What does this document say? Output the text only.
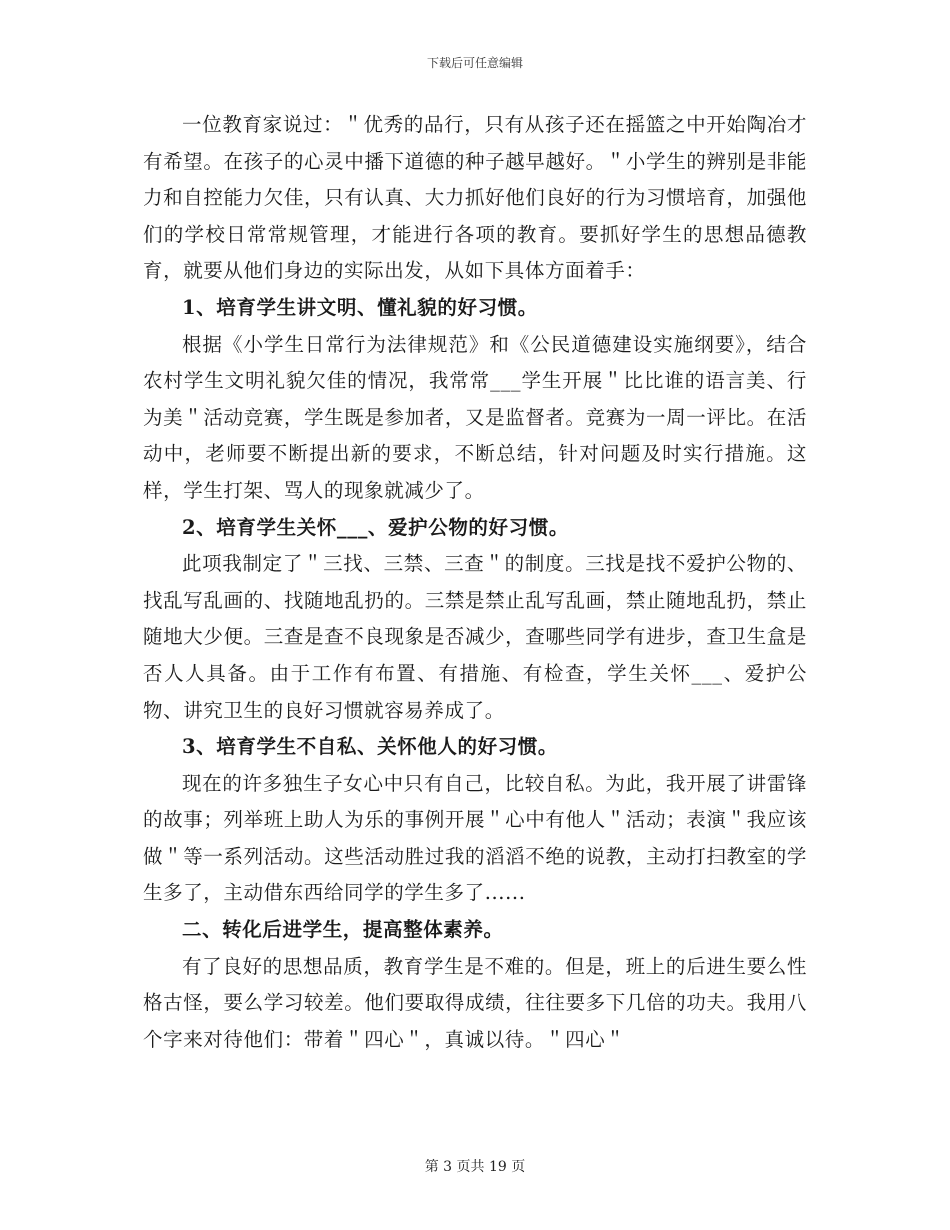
下载后可任意编辑

一位教育家说过：＂优秀的品行，只有从孩子还在摇篮之中开始陶冶才有希望。在孩子的心灵中播下道德的种子越早越好。＂小学生的辨别是非能力和自控能力欠佳，只有认真、大力抓好他们良好的行为习惯培育，加强他们的学校日常常规管理，才能进行各项的教育。要抓好学生的思想品德教育，就要从他们身边的实际出发，从如下具体方面着手：

1、培育学生讲文明、懂礼貌的好习惯。

根据《小学生日常行为法律规范》和《公民道德建设实施纲要》，结合农村学生文明礼貌欠佳的情况，我常常___学生开展＂比比谁的语言美、行为美＂活动竞赛，学生既是参加者，又是监督者。竞赛为一周一评比。在活动中，老师要不断提出新的要求，不断总结，针对问题及时实行措施。这样，学生打架、骂人的现象就减少了。

2、培育学生关怀___、爱护公物的好习惯。

此项我制定了＂三找、三禁、三查＂的制度。三找是找不爱护公物的、找乱写乱画的、找随地乱扔的。三禁是禁止乱写乱画，禁止随地乱扔，禁止随地大少便。三查是查不良现象是否减少，查哪些同学有进步，查卫生盒是否人人具备。由于工作有布置、有措施、有检查，学生关怀___、爱护公物、讲究卫生的良好习惯就容易养成了。

3、培育学生不自私、关怀他人的好习惯。

现在的许多独生子女心中只有自己，比较自私。为此，我开展了讲雷锋的故事；列举班上助人为乐的事例开展＂心中有他人＂活动；表演＂我应该做＂等一系列活动。这些活动胜过我的滔滔不绝的说教，主动打扫教室的学生多了，主动借东西给同学的学生多了......

二、转化后进学生，提高整体素养。

有了良好的思想品质，教育学生是不难的。但是，班上的后进生要么性格古怪，要么学习较差。他们要取得成绩，往往要多下几倍的功夫。我用八个字来对待他们：带着＂四心＂，真诚以待。＂四心＂

第 3 页共 19 页
